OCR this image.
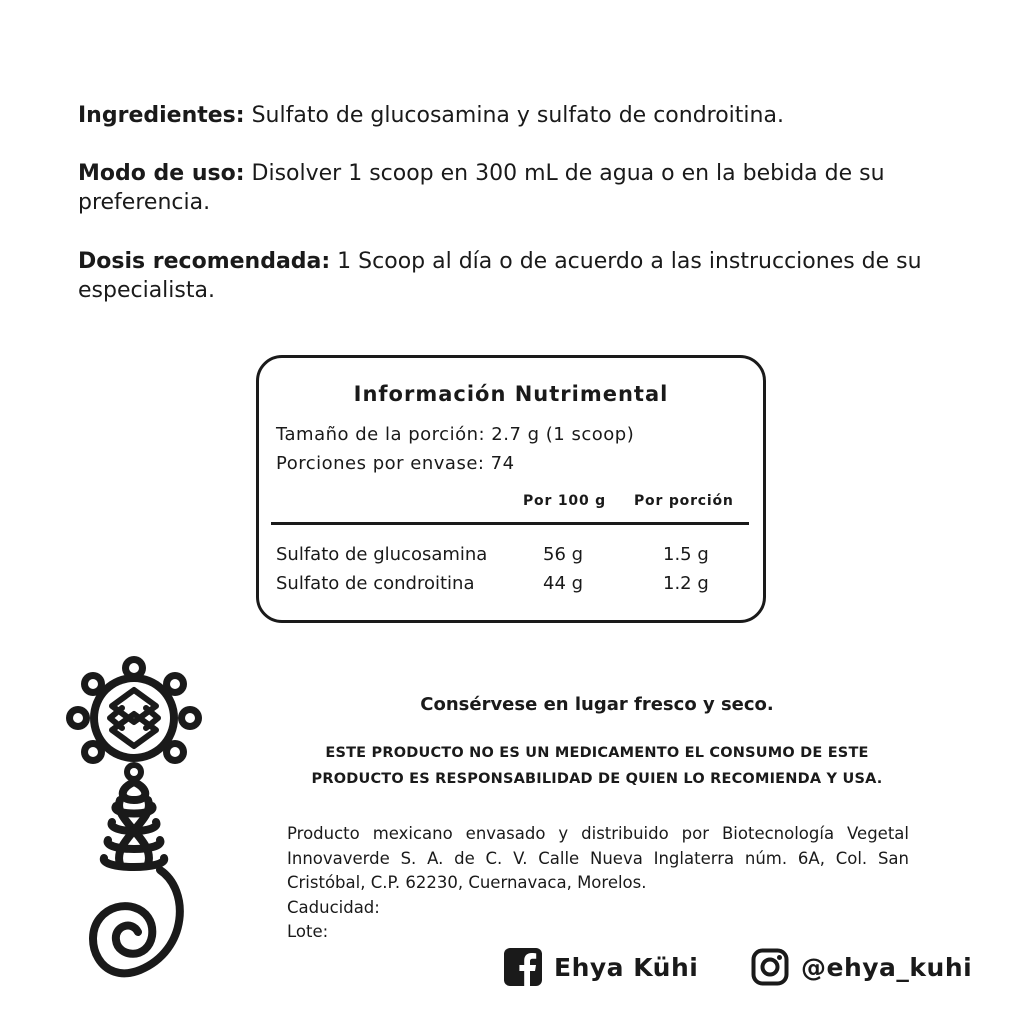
Ingredientes: Sulfato de glucosamina y sulfato de condroitina.
Modo de uso: Disolver 1 scoop en 300 mL de agua o en la bebida de su preferencia.
Dosis recomendada: 1 Scoop al día o de acuerdo a las instrucciones de su especialista.
Información Nutrimental
Tamaño de la porción: 2.7 g (1 scoop)
Porciones por envase: 74
Por 100 g Por porción
Sulfato de glucosamina	56 g	1.5 g
Sulfato de condroitina	44 g	1.2 g
Consérvese en lugar fresco y seco.
ESTE PRODUCTO NO ES UN MEDICAMENTO EL CONSUMO DE ESTE
PRODUCTO ES RESPONSABILIDAD DE QUIEN LO RECOMIENDA Y USA.
Producto mexicano envasado y distribuido por Biotecnología Vegetal Innovaverde S. A. de C. V. Calle Nueva Inglaterra núm. 6A, Col. San Cristóbal, C.P. 62230, Cuernavaca, Morelos.
Caducidad:
Lote:
Ehya Kühi	@ehya_kuhi
